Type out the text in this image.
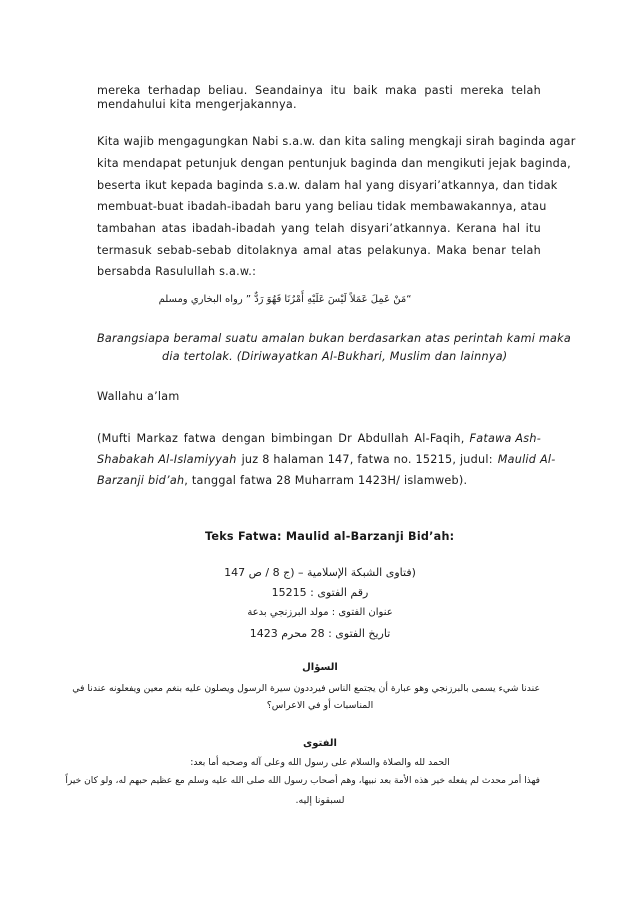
mereka terhadap beliau. Seandainya itu baik maka pasti mereka telah
mendahului kita mengerjakannya.
Kita wajib mengagungkan Nabi s.a.w. dan kita saling mengkaji sirah baginda agar
kita mendapat petunjuk dengan pentunjuk baginda dan mengikuti jejak baginda,
beserta ikut kepada baginda s.a.w. dalam hal yang disyari’atkannya, dan tidak
membuat-buat ibadah-ibadah baru yang beliau tidak membawakannya, atau
tambahan atas ibadah-ibadah yang telah disyari’atkannya. Kerana hal itu
termasuk sebab-sebab ditolaknya amal atas pelakunya. Maka benar telah
bersabda Rasulullah s.a.w.:
“مَنْ عَمِلَ عَمَلاً لَيْسَ عَلَيْهِ أَمْرُنَا فَهُوَ رَدٌّ ” رواه البخاري ومسلم
Barangsiapa beramal suatu amalan bukan berdasarkan atas perintah kami maka
dia tertolak. (Diriwayatkan Al-Bukhari, Muslim dan lainnya)
Wallahu a’lam
(Mufti Markaz fatwa dengan bimbingan Dr Abdullah Al-Faqih, Fatawa Ash-
Shabakah Al-Islamiyyah juz 8 halaman 147, fatwa no. 15215, judul: Maulid Al-
Barzanji bid’ah, tanggal fatwa 28 Muharram 1423H/ islamweb).
Teks Fatwa: Maulid al-Barzanji Bid’ah:
(فتاوى الشبكة الإسلامية – (ج 8 / ص 147
رقم الفتوى : 15215
عنوان الفتوى : مولد البرزنجي بدعة
تاريخ الفتوى : 28 محرم 1423
السؤال
عندنا شيء يسمى بالبرزنجي وهو عبارة أن يجتمع الناس فيرددون سيرة الرسول ويصلون عليه بنغم معين ويفعلونه عندنا في
المناسبات أو في الاعراس؟
الفتوى
الحمد لله والصلاة والسلام على رسول الله وعلى آله وصحبه أما بعد:
فهذا أمر محدث لم يفعله خير هذه الأمة بعد نبيها، وهم أصحاب رسول الله صلى الله عليه وسلم مع عظيم حبهم له، ولو كان خيراً
لسبقونا إليه.
